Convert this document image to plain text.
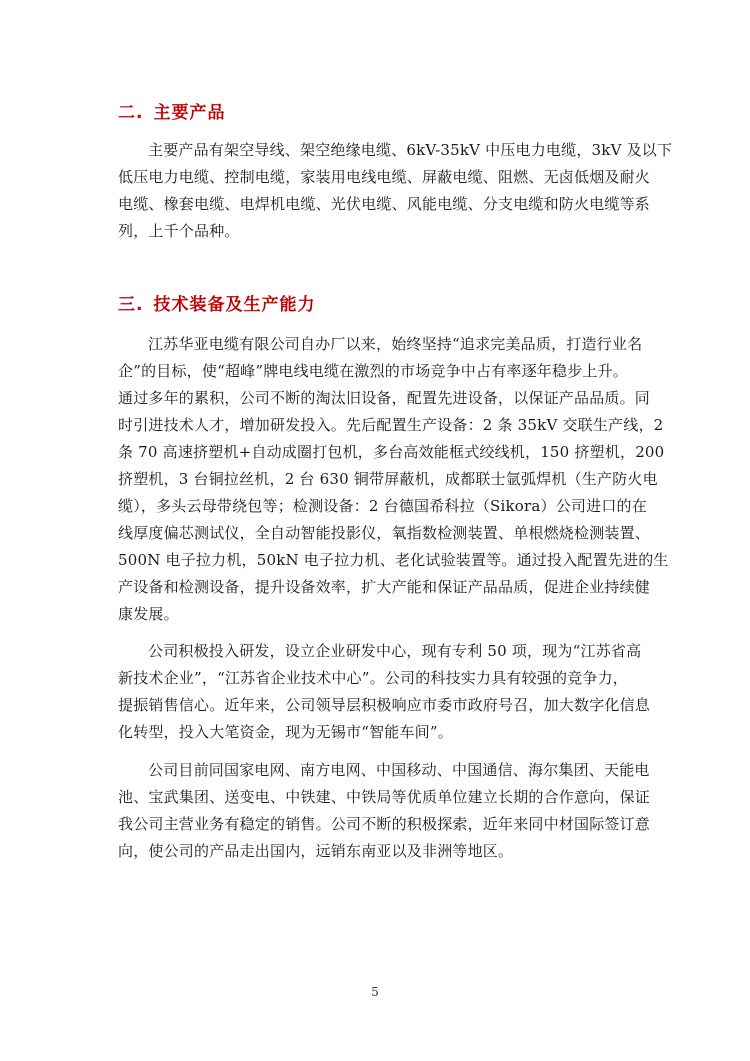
二. 主要产品
主要产品有架空导线、架空绝缘电缆、6kV-35kV 中压电力电缆，3kV 及以下
低压电力电缆、控制电缆，家装用电线电缆、屏蔽电缆、阻燃、无卤低烟及耐火
电缆、橡套电缆、电焊机电缆、光伏电缆、风能电缆、分支电缆和防火电缆等系
列，上千个品种。
三. 技术装备及生产能力
江苏华亚电缆有限公司自办厂以来，始终坚持“追求完美品质，打造行业名
企”的目标，使“超峰”牌电线电缆在激烈的市场竞争中占有率逐年稳步上升。
通过多年的累积，公司不断的淘汰旧设备，配置先进设备，以保证产品品质。同
时引进技术人才，增加研发投入。先后配置生产设备：2 条 35kV 交联生产线，2
条 70 高速挤塑机+自动成圈打包机，多台高效能框式绞线机，150 挤塑机，200
挤塑机，3 台铜拉丝机，2 台 630 铜带屏蔽机，成都联士氩弧焊机（生产防火电
缆），多头云母带绕包等；检测设备：2 台德国希科拉（Sikora）公司进口的在
线厚度偏芯测试仪，全自动智能投影仪，氧指数检测装置、单根燃烧检测装置、
500N 电子拉力机，50kN 电子拉力机、老化试验装置等。通过投入配置先进的生
产设备和检测设备，提升设备效率，扩大产能和保证产品品质，促进企业持续健
康发展。
公司积极投入研发，设立企业研发中心，现有专利 50 项，现为“江苏省高
新技术企业”，“江苏省企业技术中心”。公司的科技实力具有较强的竞争力，
提振销售信心。近年来，公司领导层积极响应市委市政府号召，加大数字化信息
化转型，投入大笔资金，现为无锡市“智能车间”。
公司目前同国家电网、南方电网、中国移动、中国通信、海尔集团、天能电
池、宝武集团、送变电、中铁建、中铁局等优质单位建立长期的合作意向，保证
我公司主营业务有稳定的销售。公司不断的积极探索，近年来同中材国际签订意
向，使公司的产品走出国内，远销东南亚以及非洲等地区。
5
